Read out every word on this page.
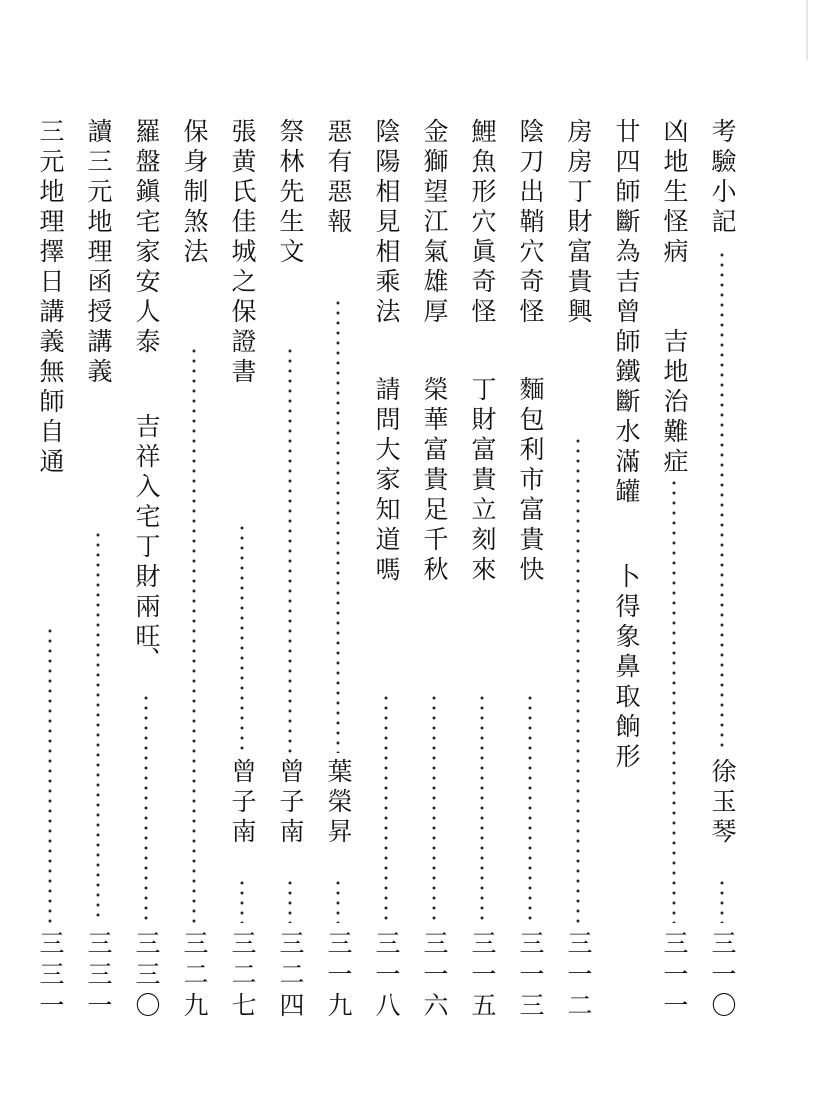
考驗小記
徐玉琴
三一〇
凶地生怪病
吉地治難症
三一一
廿四師斷為吉曾師鐵斷水滿罐
卜得象鼻取餉形
房房丁財富貴興
三一二
陰刀出鞘穴奇怪
麵包利市富貴快
三一三
鯉魚形穴眞奇怪
丁財富貴立刻來
三一五
金獅望江氣雄厚
榮華富貴足千秋
三一六
陰陽相見相乘法
請問大家知道嗎
三一八
惡有惡報
葉榮昇
三一九
祭林先生文
曾子南
三二四
張黄氏佳城之保證書
曾子南
三二七
保身制煞法
三二九
羅盤鎭宅家安人泰
吉祥入宅丁財兩旺
、
三三〇
讀三元地理函授講義
三三一
三元地理擇日講義無師自通
三三一
